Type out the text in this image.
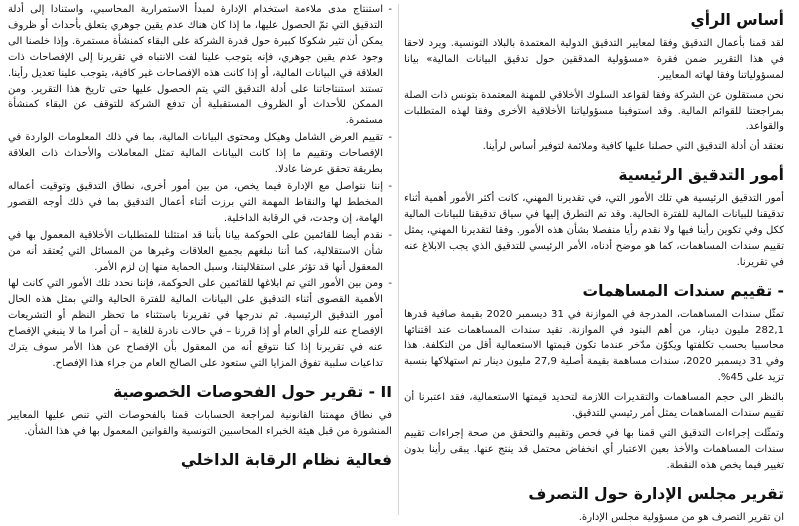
أساس الرأي

لقد قمنا بأعمال التدقيق وفقا لمعايير التدقيق الدولية المعتمدة بالبلاد التونسية. ويرد لاحقا في هذا التقرير ضمن فقرة «مسؤولية المدققين حول تدقيق البيانات المالية» بيانا لمسؤولياتنا وفقا لهاته المعايير.

نحن مستقلون عن الشركة وفقا لقواعد السلوك الأخلاقي للمهنة المعتمدة بتونس ذات الصلة بمراجعتنا للقوائم المالية. وقد استوفينا مسؤولياتنا الأخلاقية الأخرى وفقا لهذه المتطلبات والقواعد.

نعتقد أن أدلة التدقيق التي حصلنا عليها كافية وملائمة لتوفير أساس لرأينا.

أمور التدقيق الرئيسية

أمور التدقيق الرئيسية هي تلك الأمور التي، في تقديرنا المهني، كانت أكثر الأمور أهمية أثناء تدقيقنا للبيانات المالية للفترة الحالية. وقد تم التطرق إليها في سياق تدقيقنا للبيانات المالية ككل وفي تكوين رأينا فيها ولا نقدم رأيا منفصلا بشأن هذه الأمور. وفقا لتقديرنا المهني، يمثل تقييم سندات المساهمات، كما هو موضح أدناه، الأمر الرئيسي للتدقيق الذي يجب الابلاغ عنه في تقريرنا.

- تقييم سندات المساهمات

تمثّل سندات المساهمات، المدرجة في الموازنة في 31 ديسمبر 2020 بقيمة صافية قدرها 282,1 مليون دينار، من أهم البنود في الموازنة. تقيد سندات المساهمات عند اقتنائها محاسبيا بحسب تكلفتها ويكوّن مدّخر عندما تكون قيمتها الاستعمالية أقل من التكلفة. هذا وفي 31 ديسمبر 2020، سندات مساهمة بقيمة أصلية 27,9 مليون دينار تم استهلاكها بنسبة تزيد على 45%.

بالنظر الى حجم المساهمات والتقديرات اللازمة لتحديد قيمتها الاستعمالية، فقد اعتبرنا أن تقييم سندات المساهمات يمثل أمر رئيسي للتدقيق.

وتمثّلت إجراءات التدقيق التي قمنا بها في فحص وتقييم والتحقق من صحة إجراءات تقييم سندات المساهمات والأخذ بعين الاعتبار أي انخفاض محتمل قد ينتج عنها. يبقى رأينا بدون تغيير فيما يخص هذه النقطة.

تقرير مجلس الإدارة حول التصرف

ان تقرير التصرف هو من مسؤولية مجلس الإدارة.

- استنتاج مدى ملاءمة استخدام الإدارة لمبدأ الاستمرارية المحاسبي، واستنادا إلى أدلة التدقيق التي تمّ الحصول عليها، ما إذا كان هناك عدم يقين جوهري يتعلق بأحداث أو ظروف يمكن أن تثير شكوكا كبيرة حول قدرة الشركة على البقاء كمنشأة مستمرة. وإذا خلصنا الى وجود عدم يقين جوهري، فإنه يتوجب علينا لفت الانتباه في تقريرنا إلى الإفصاحات ذات العلاقة في البيانات المالية، أو إذا كانت هذه الإفصاحات غير كافية، يتوجب علينا تعديل رأينا. تستند استنتاجاتنا على أدلة التدقيق التي يتم الحصول عليها حتى تاريخ هذا التقرير. ومن الممكن للأحداث أو الظروف المستقبلية أن تدفع الشركة للتوقف عن البقاء كمنشأة مستمرة.
- تقييم العرض الشامل وهيكل ومحتوى البيانات المالية، بما في ذلك المعلومات الواردة في الإفصاحات وتقييم ما إذا كانت البيانات المالية تمثل المعاملات والأحداث ذات العلاقة بطريقة تحقق عرضا عادلا.
- إننا نتواصل مع الإدارة فيما يخص، من بين أمور أخرى، نطاق التدقيق وتوقيت أعماله المخطط لها والنقاط المهمة التي برزت أثناء أعمال التدقيق بما في ذلك أوجه القصور الهامة، إن وجدت، في الرقابة الداخلية.
- نقدم أيضا للقائمين على الحوكمة بيانا بأننا قد امتثلنا للمتطلبات الأخلاقية المعمول بها في شأن الاستقلالية، كما أننا نبلغهم بجميع العلاقات وغيرها من المسائل التي يُعتقد أنه من المعقول أنها قد تؤثر على استقلاليتنا، وسبل الحماية منها إن لزم الأمر.
- ومن بين الأمور التي تم ابلاغها للقائمين على الحوكمة، فإننا نحدد تلك الأمور التي كانت لها الأهمية القصوى أثناء التدقيق على البيانات المالية للفترة الحالية والتي بمثل هذه الحال أمور التدقيق الرئيسية. ثم ندرجها في تقريرنا باستثناء ما تحظر النظم أو التشريعات الإفصاح عنه للرأي العام أو إذا قررنا – في حالات نادرة للغاية – أن أمرا ما لا ينبغي الإفصاح عنه في تقريرنا إذا كنا نتوقع أنه من المعقول بأن الإفصاح عن هذا الأمر سوف يترك تداعيات سلبية تفوق المزايا التي ستعود على الصالح العام من جراء هذا الإفصاح.
II - تقرير حول الفحوصات الخصوصية

في نطاق مهمتنا القانونية لمراجعة الحسابات قمنا بالفحوصات التي تنص عليها المعايير المنشورة من قبل هيئة الخبراء المحاسبين التونسية والقوانين المعمول بها في هذا الشأن.

فعالية نظام الرقابة الداخلي
